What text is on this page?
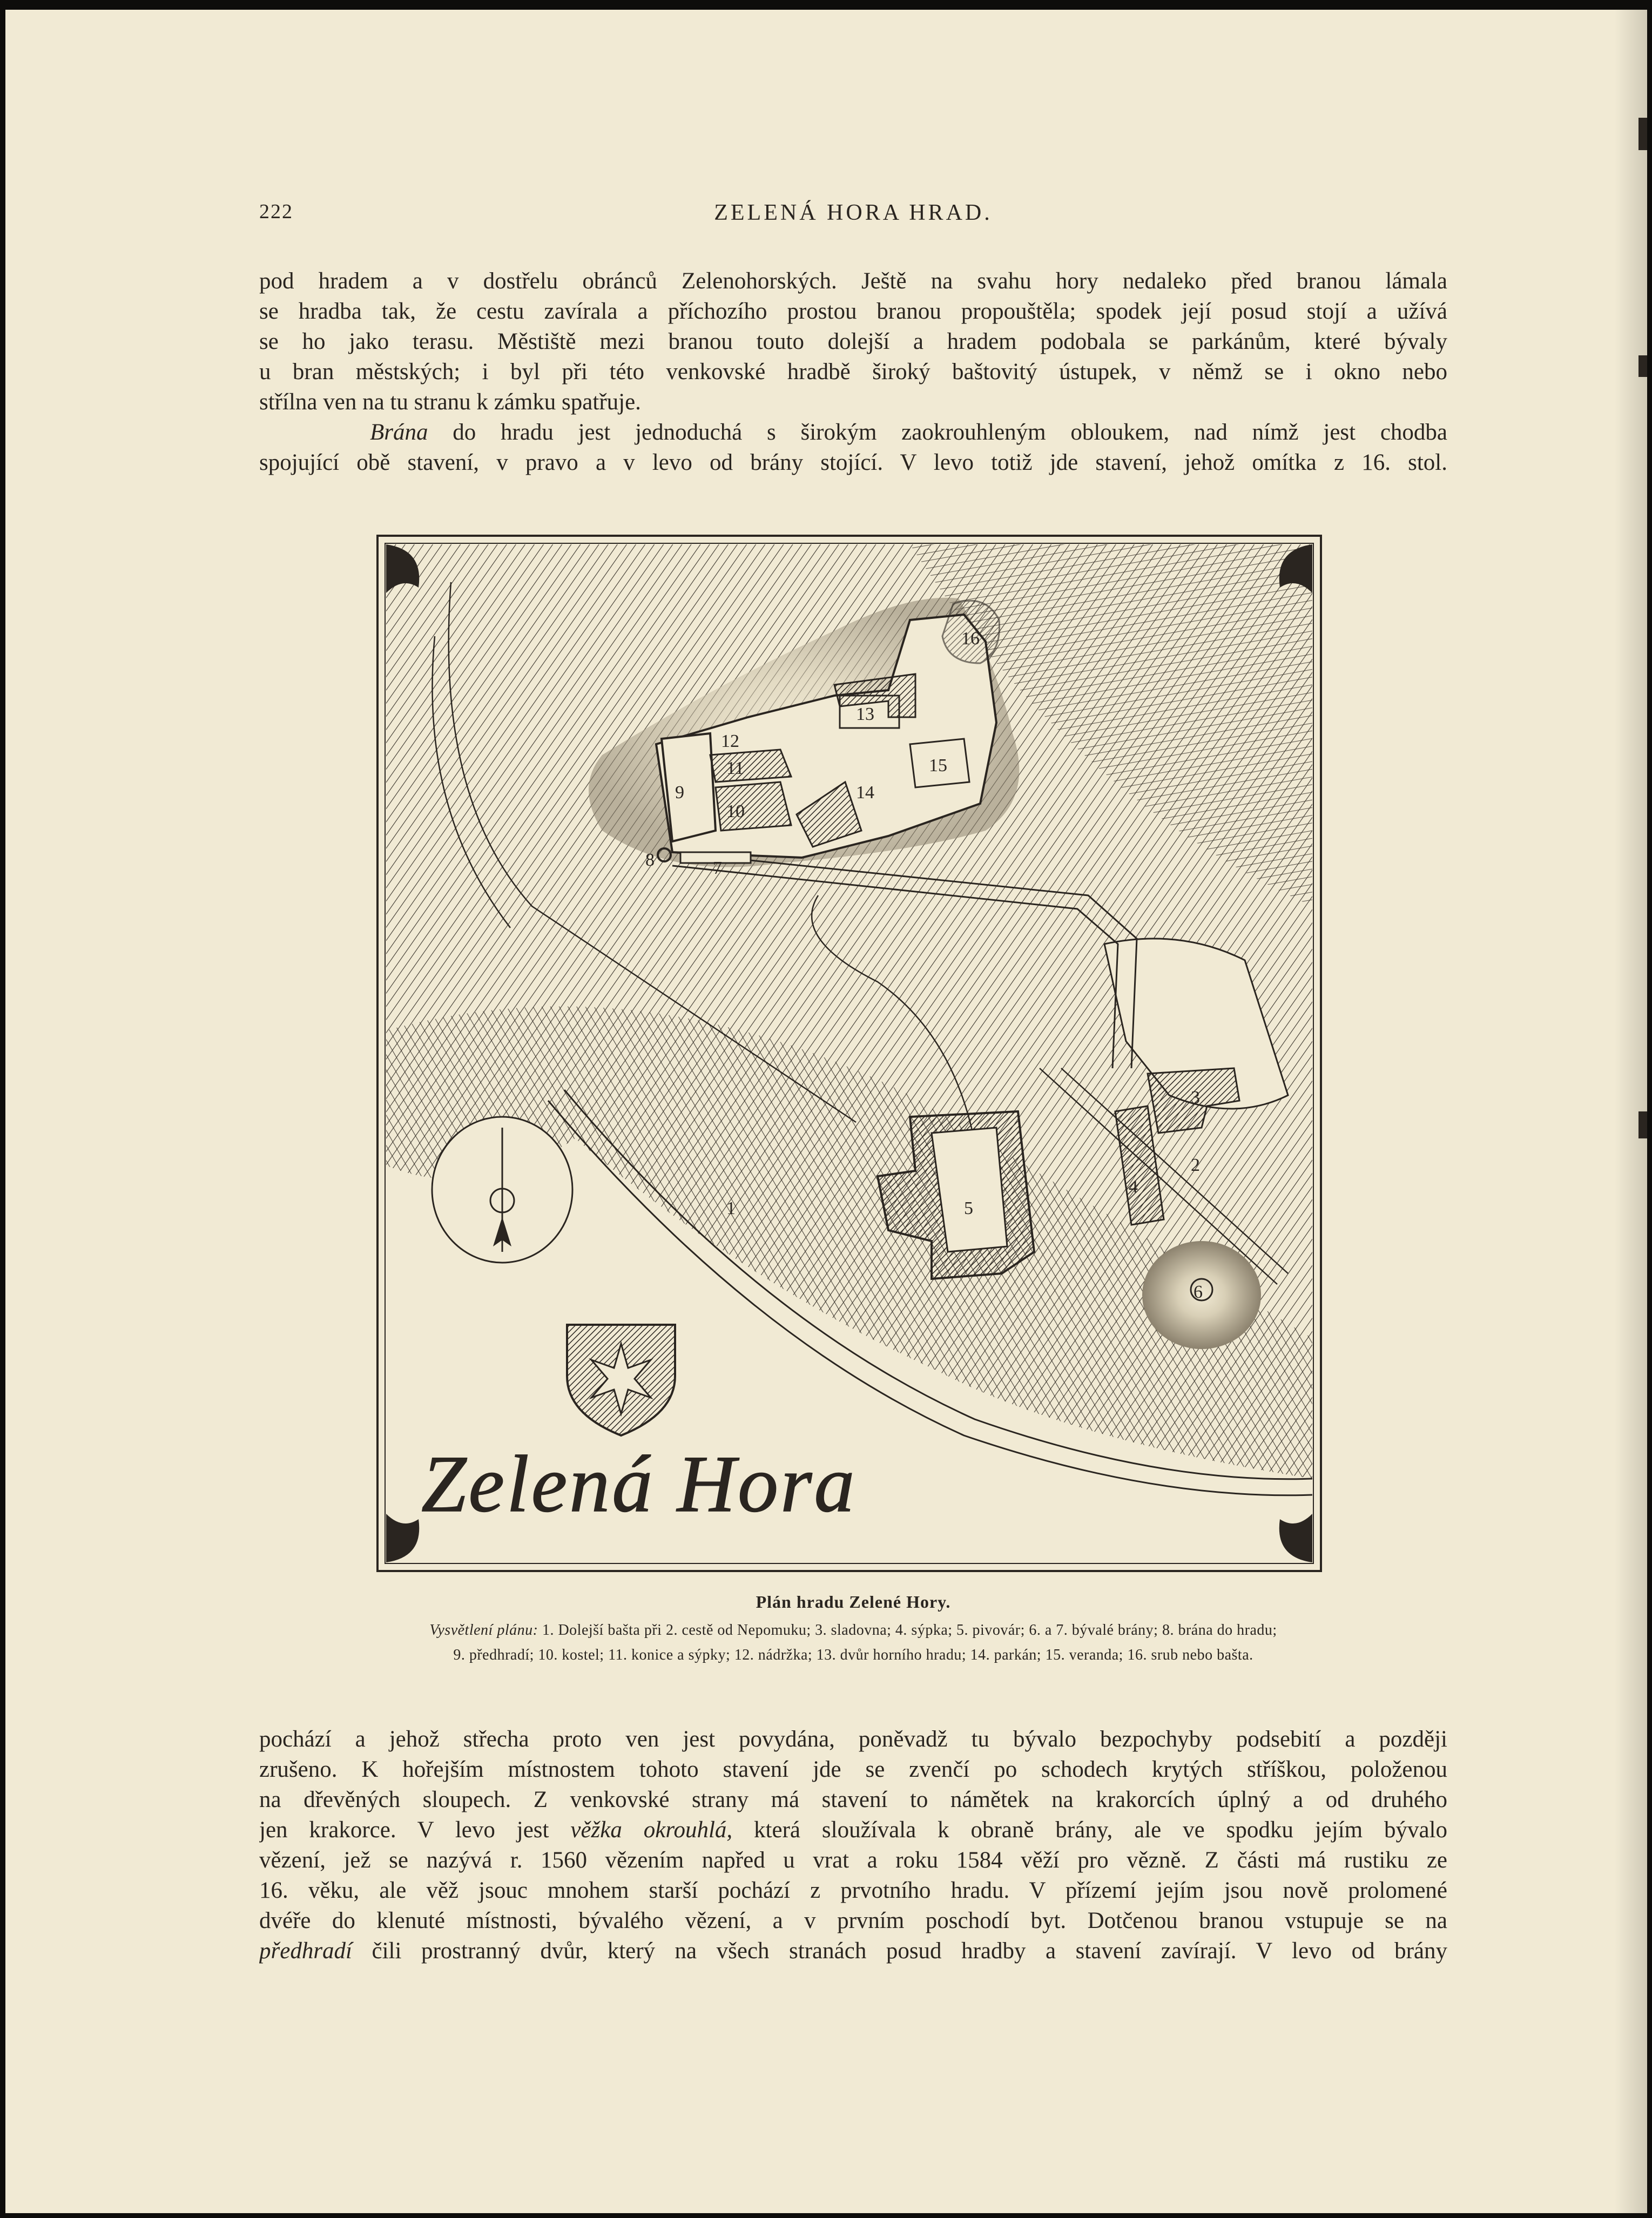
222	ZELENÁ HORA HRAD.
pod hradem a v dostřelu obránců Zelenohorských. Ještě na svahu hory nedaleko před branou lámala
se hradba tak, že cestu zavírala a příchozího prostou branou propouštěla; spodek její posud stojí a užívá
se ho jako terasu. Městiště mezi branou touto dolejší a hradem podobala se parkánům, které bývaly
u bran městských; i byl při této venkovské hradbě široký baštovitý ústupek, v němž se i okno nebo
střílna ven na tu stranu k zámku spatřuje.
Brána do hradu jest jednoduchá s širokým zaokrouhleným obloukem, nad nímž jest chodba
spojující obě stavení, v pravo a v levo od brány stojící. V levo totiž jde stavení, jehož omítka z 16. stol.
Zelená Hora
1
2
3
4
5
6
7
8
9
10
11
12
13
14
15
16
Plán hradu Zelené Hory.
Vysvětlení plánu: 1. Dolejší bašta při 2. cestě od Nepomuku; 3. sladovna; 4. sýpka; 5. pivovár; 6. a 7. bývalé brány; 8. brána do hradu;
9. předhradí; 10. kostel; 11. konice a sýpky; 12. nádržka; 13. dvůr horního hradu; 14. parkán; 15. veranda; 16. srub nebo bašta.
pochází a jehož střecha proto ven jest povydána, poněvadž tu bývalo bezpochyby podsebití a později
zrušeno. K hořejším místnostem tohoto stavení jde se zvenčí po schodech krytých stříškou, položenou
na dřevěných sloupech. Z venkovské strany má stavení to námětek na krakorcích úplný a od druhého
jen krakorce. V levo jest věžka okrouhlá, která sloužívala k obraně brány, ale ve spodku jejím bývalo
vězení, jež se nazývá r. 1560 vězením napřed u vrat a roku 1584 věží pro vězně. Z části má rustiku ze
16. věku, ale věž jsouc mnohem starší pochází z prvotního hradu. V přízemí jejím jsou nově prolomené
dvéře do klenuté místnosti, bývalého vězení, a v prvním poschodí byt. Dotčenou branou vstupuje se na
předhradí čili prostranný dvůr, který na všech stranách posud hradby a stavení zavírají. V levo od brány
